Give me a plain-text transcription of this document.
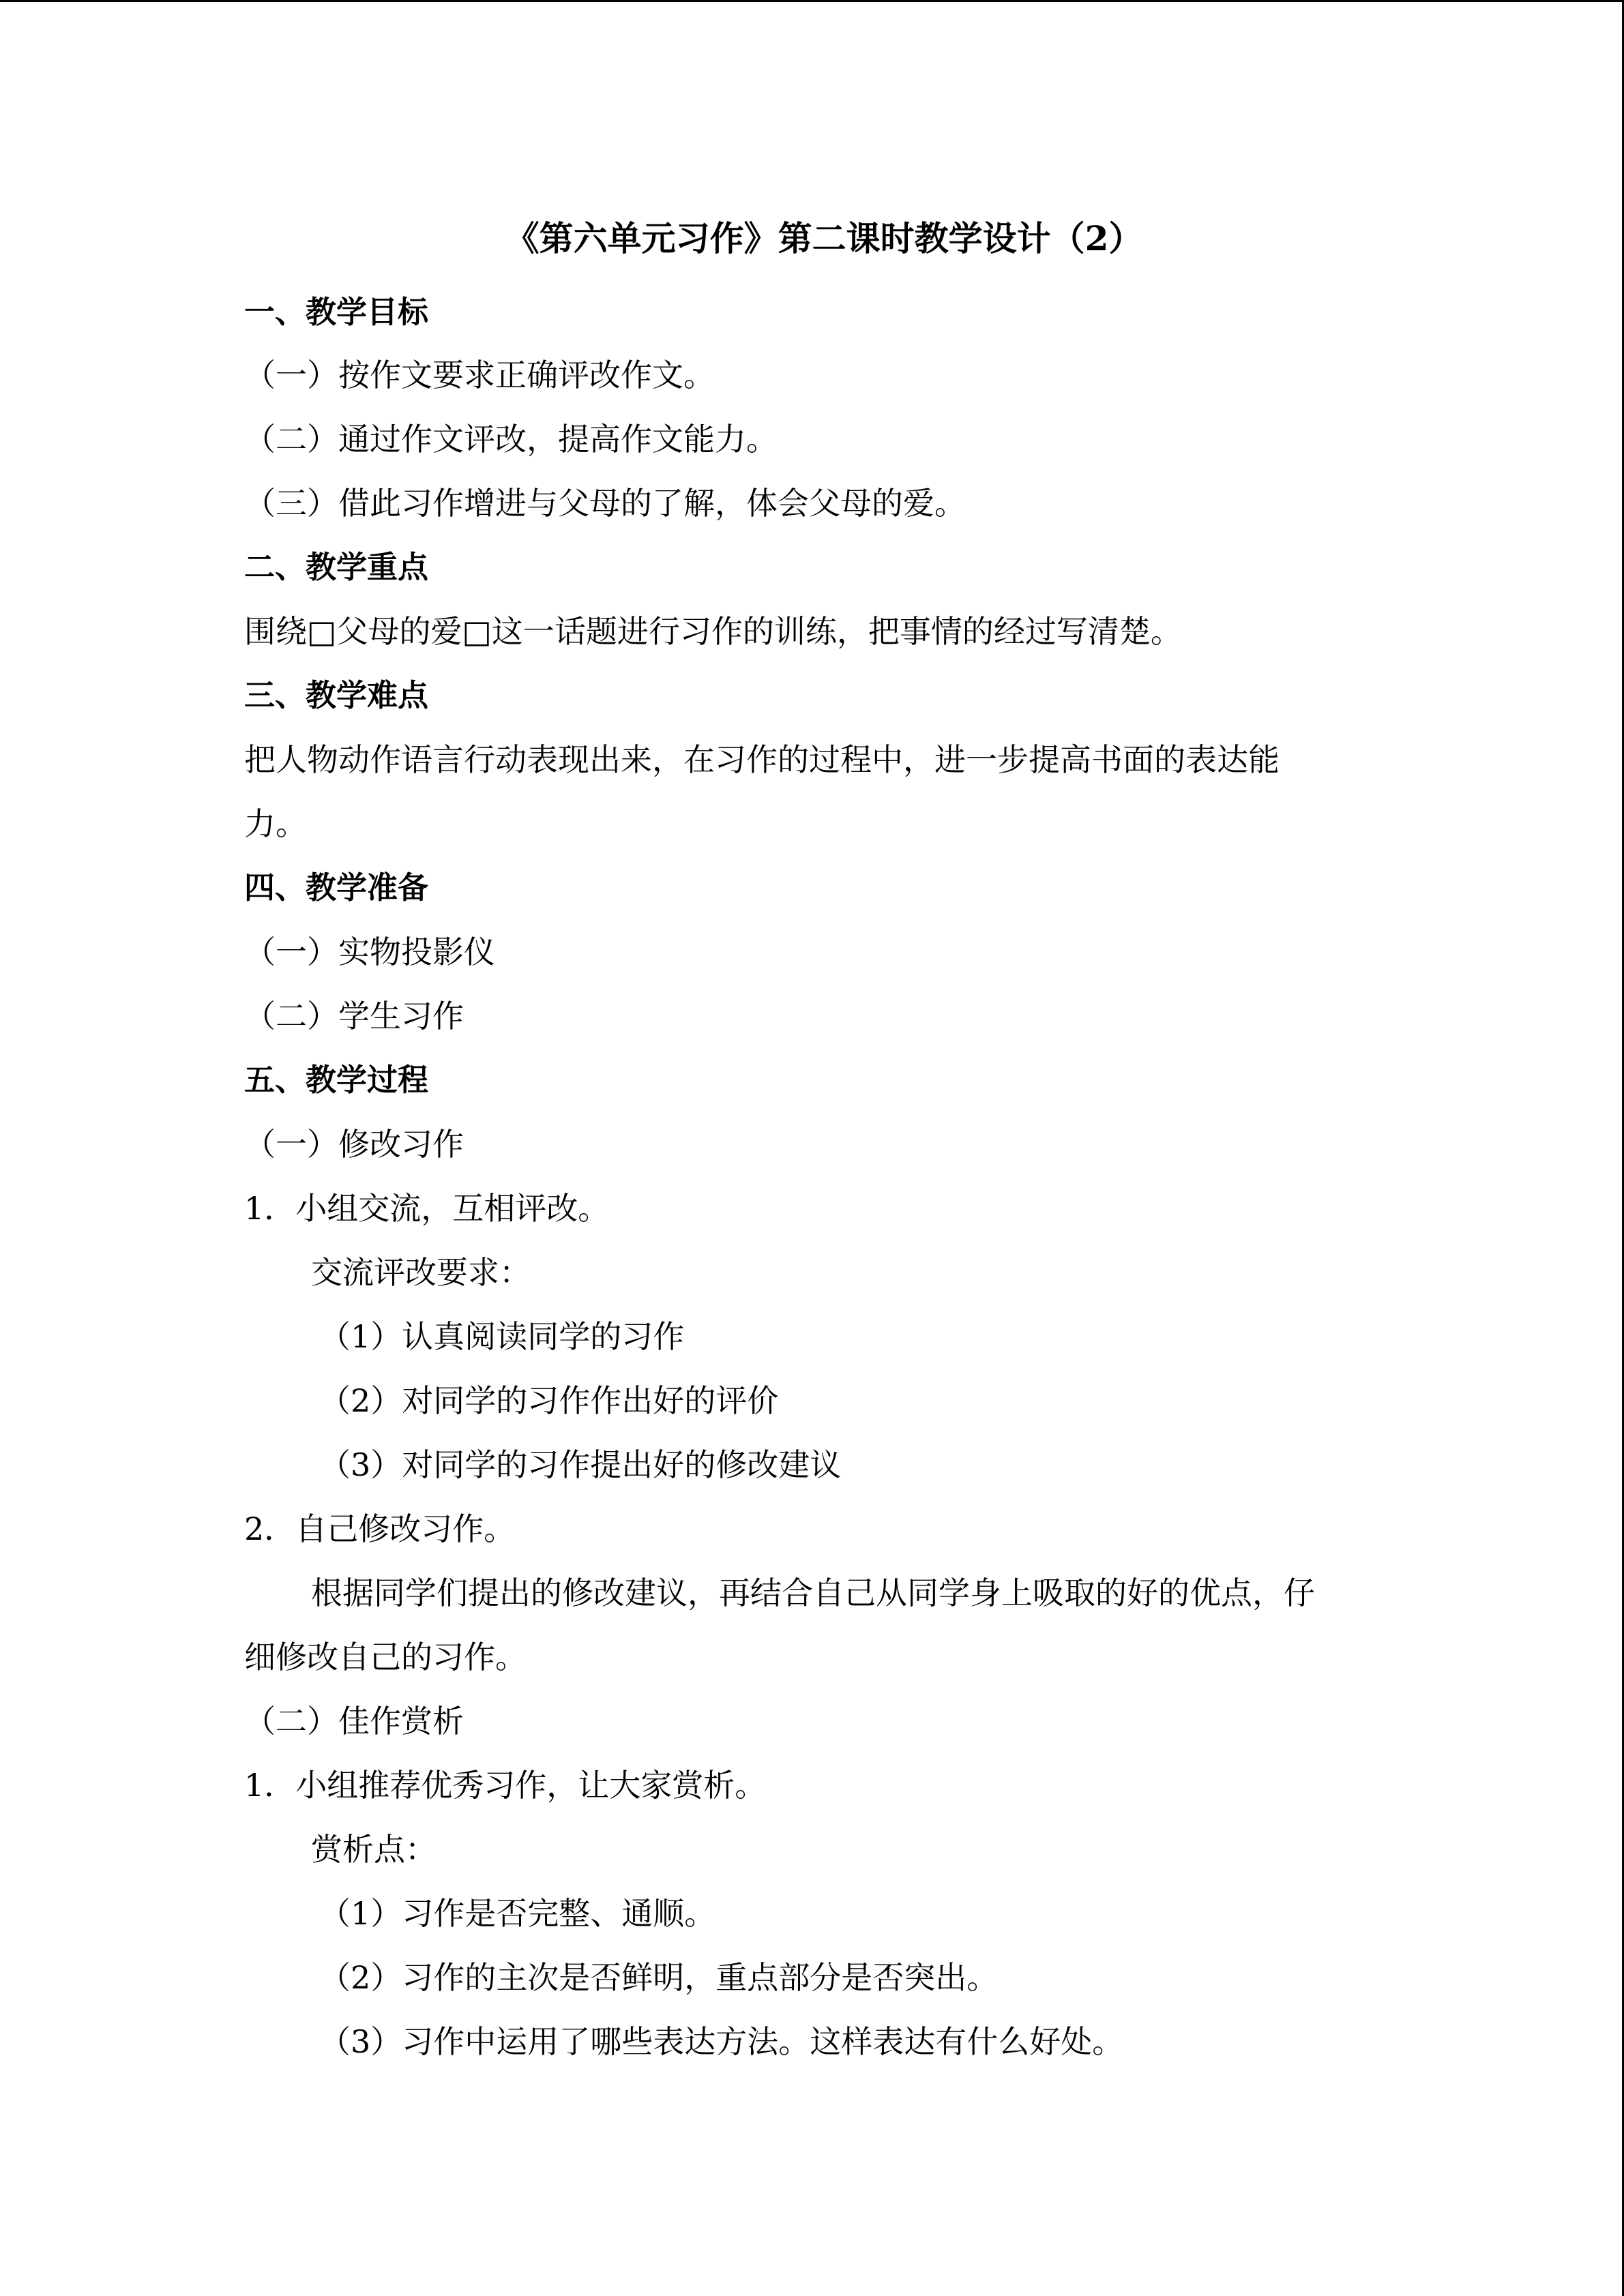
《第六单元习作》第二课时教学设计（2）
一、教学目标
（一）按作文要求正确评改作文。
（二）通过作文评改，提高作文能力。
（三）借此习作增进与父母的了解，体会父母的爱。
二、教学重点
围绕□父母的爱□这一话题进行习作的训练，把事情的经过写清楚。
三、教学难点
把人物动作语言行动表现出来，在习作的过程中，进一步提高书面的表达能
力。
四、教学准备
（一）实物投影仪
（二）学生习作
五、教学过程
（一）修改习作
1．小组交流，互相评改。
交流评改要求：
（1）认真阅读同学的习作
（2）对同学的习作作出好的评价
（3）对同学的习作提出好的修改建议
2．自己修改习作。
根据同学们提出的修改建议，再结合自己从同学身上吸取的好的优点，仔
细修改自己的习作。
（二）佳作赏析
1．小组推荐优秀习作，让大家赏析。
赏析点：
（1）习作是否完整、通顺。
（2）习作的主次是否鲜明，重点部分是否突出。
（3）习作中运用了哪些表达方法。这样表达有什么好处。
